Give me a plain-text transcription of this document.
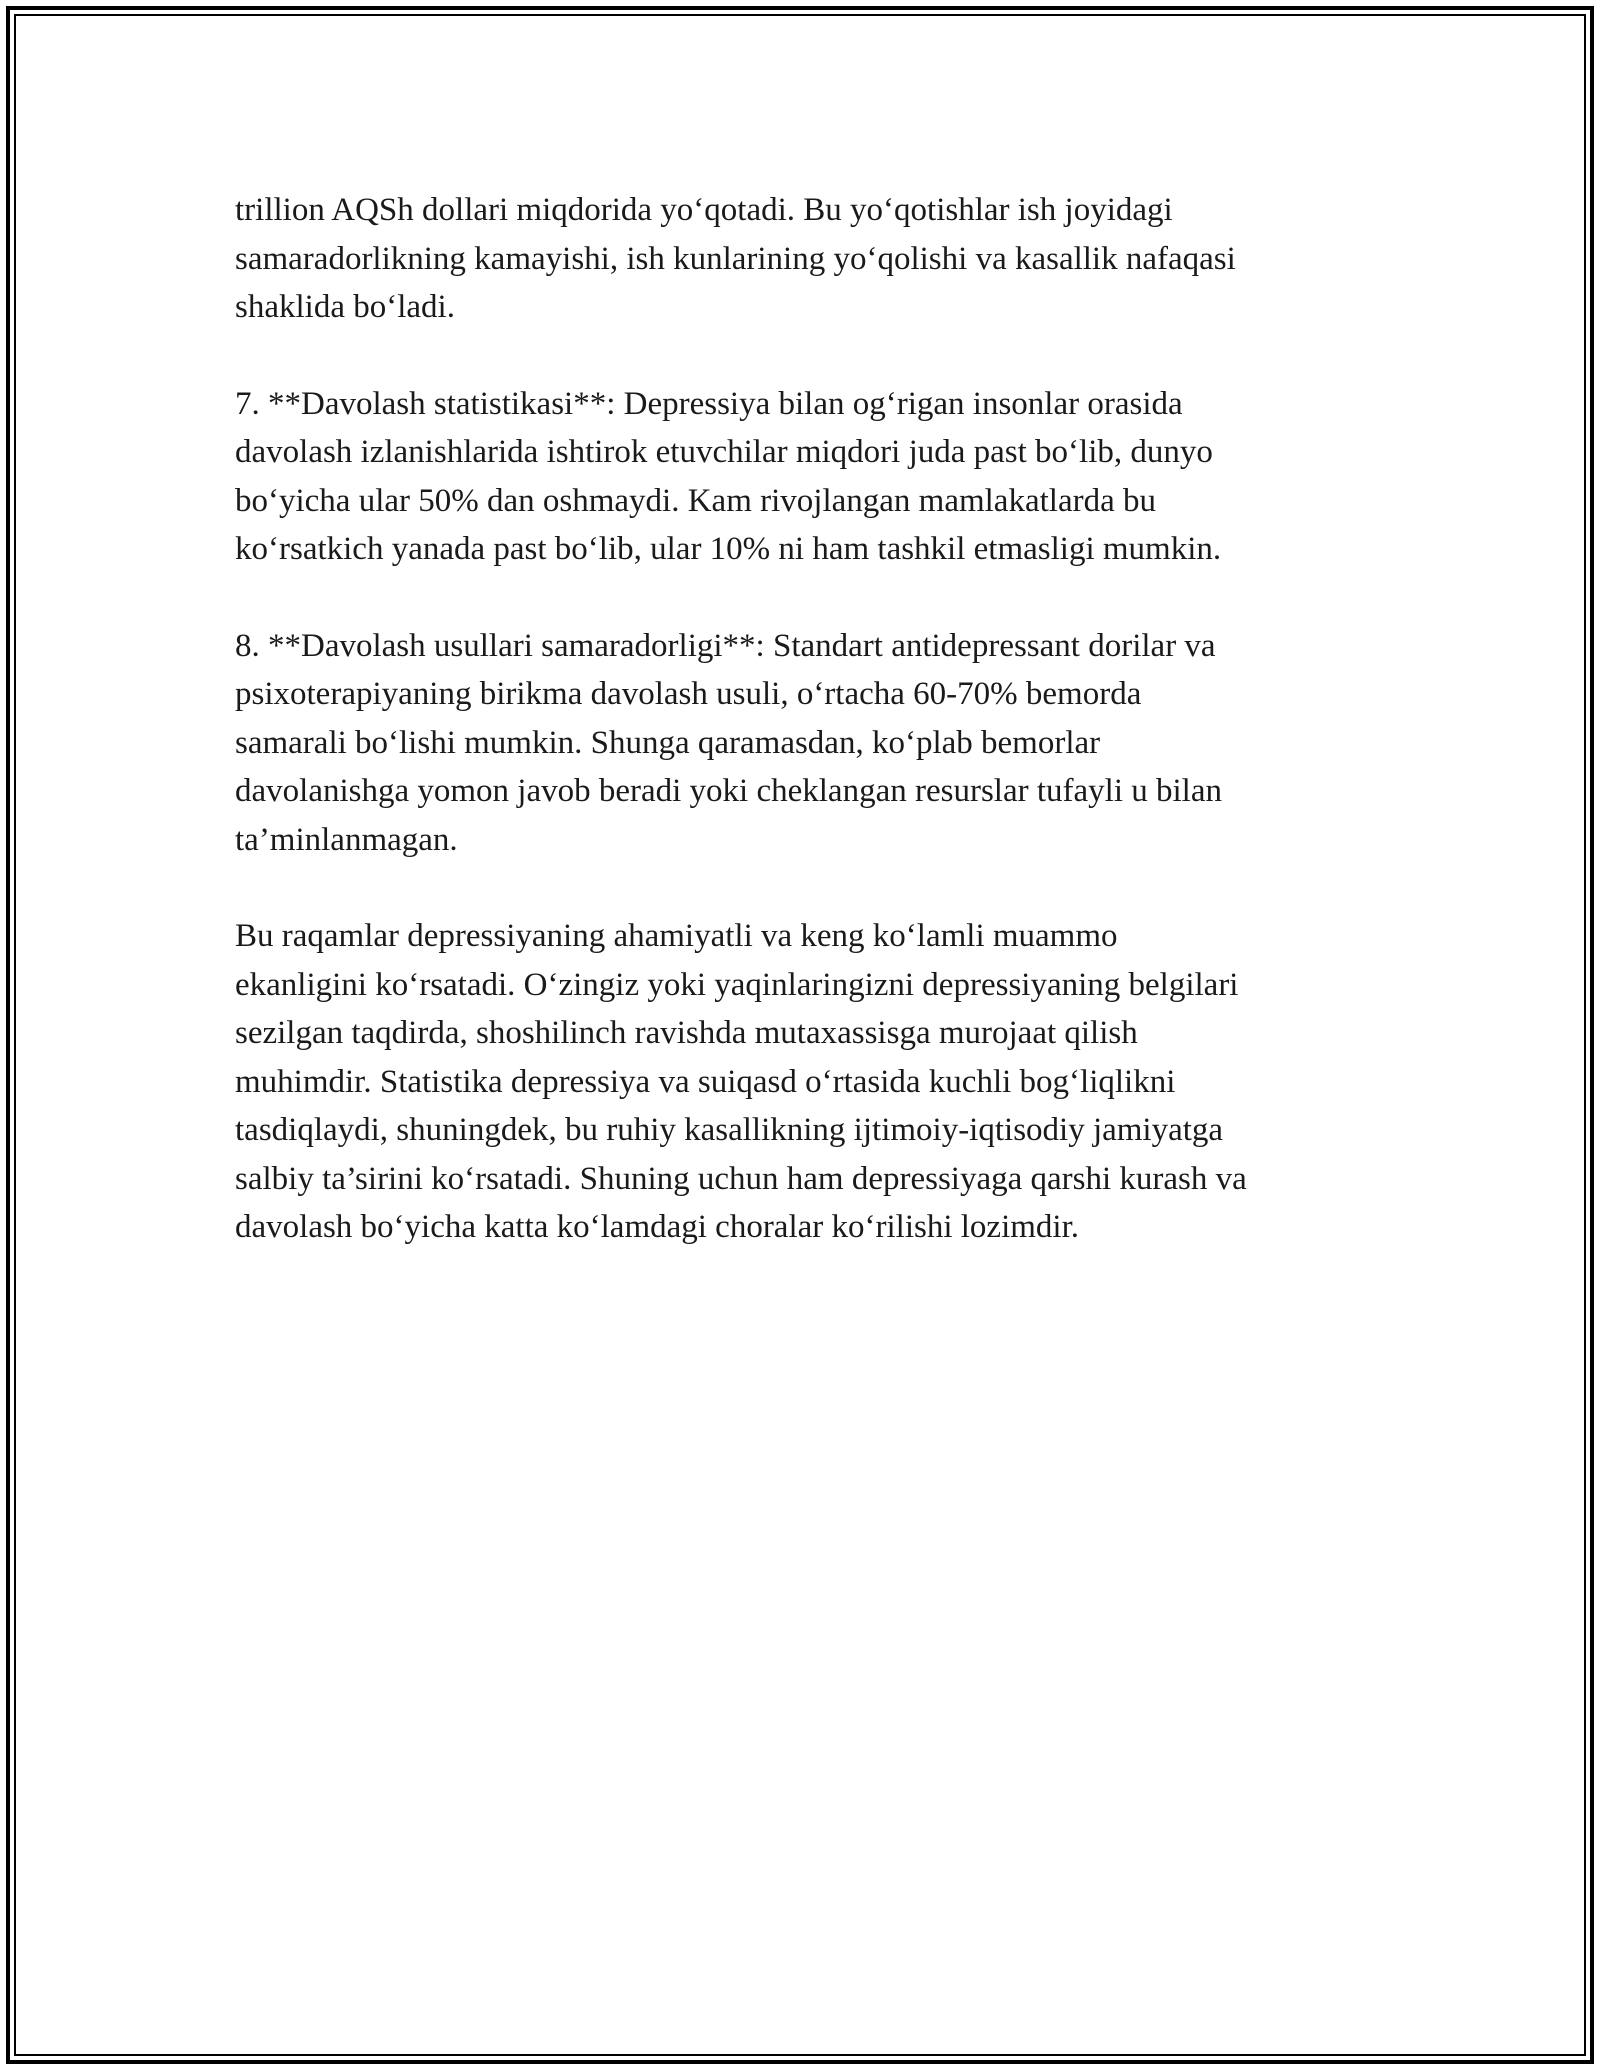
trillion AQSh dollari miqdorida yo‘qotadi. Bu yo‘qotishlar ish joyidagi
samaradorlikning kamayishi, ish kunlarining yo‘qolishi va kasallik nafaqasi
shaklida bo‘ladi.

7. **Davolash statistikasi**: Depressiya bilan og‘rigan insonlar orasida
davolash izlanishlarida ishtirok etuvchilar miqdori juda past bo‘lib, dunyo
bo‘yicha ular 50% dan oshmaydi. Kam rivojlangan mamlakatlarda bu
ko‘rsatkich yanada past bo‘lib, ular 10% ni ham tashkil etmasligi mumkin.

8. **Davolash usullari samaradorligi**: Standart antidepressant dorilar va
psixoterapiyaning birikma davolash usuli, o‘rtacha 60-70% bemorda
samarali bo‘lishi mumkin. Shunga qaramasdan, ko‘plab bemorlar
davolanishga yomon javob beradi yoki cheklangan resurslar tufayli u bilan
ta’minlanmagan.

Bu raqamlar depressiyaning ahamiyatli va keng ko‘lamli muammo
ekanligini ko‘rsatadi. O‘zingiz yoki yaqinlaringizni depressiyaning belgilari
sezilgan taqdirda, shoshilinch ravishda mutaxassisga murojaat qilish
muhimdir. Statistika depressiya va suiqasd o‘rtasida kuchli bog‘liqlikni
tasdiqlaydi, shuningdek, bu ruhiy kasallikning ijtimoiy-iqtisodiy jamiyatga
salbiy ta’sirini ko‘rsatadi. Shuning uchun ham depressiyaga qarshi kurash va
davolash bo‘yicha katta ko‘lamdagi choralar ko‘rilishi lozimdir.
